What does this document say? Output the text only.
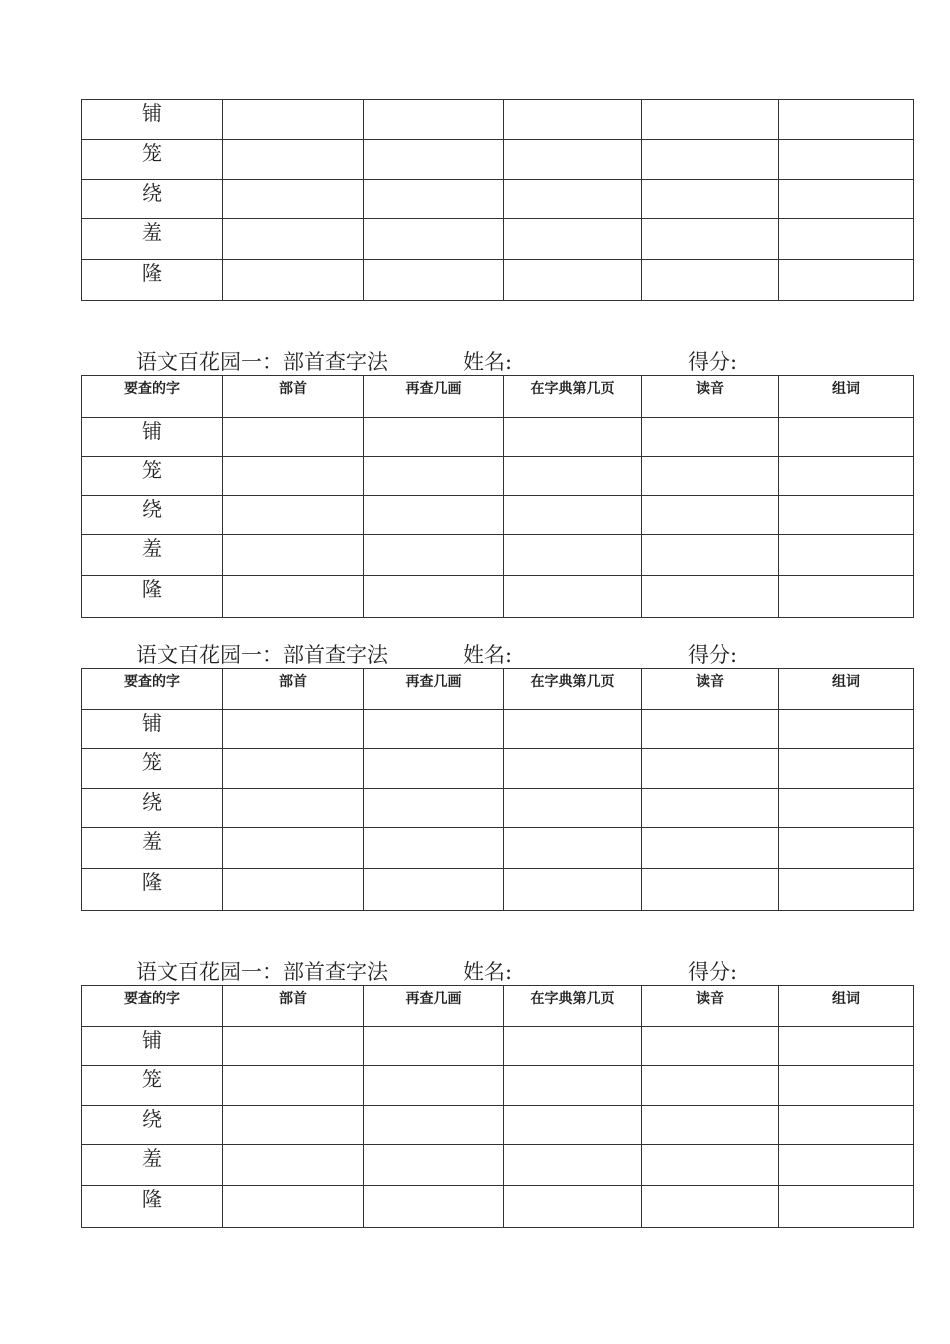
铺					
笼					
绕					
羞					
隆					
语文百花园一：部首查字法	姓名:	得分:
要查的字	部首	再查几画	在字典第几页	读音	组词
铺					
笼					
绕					
羞					
隆					
语文百花园一：部首查字法	姓名:	得分:
要查的字	部首	再查几画	在字典第几页	读音	组词
铺					
笼					
绕					
羞					
隆					
语文百花园一：部首查字法	姓名:	得分:
要查的字	部首	再查几画	在字典第几页	读音	组词
铺					
笼					
绕					
羞					
隆					
